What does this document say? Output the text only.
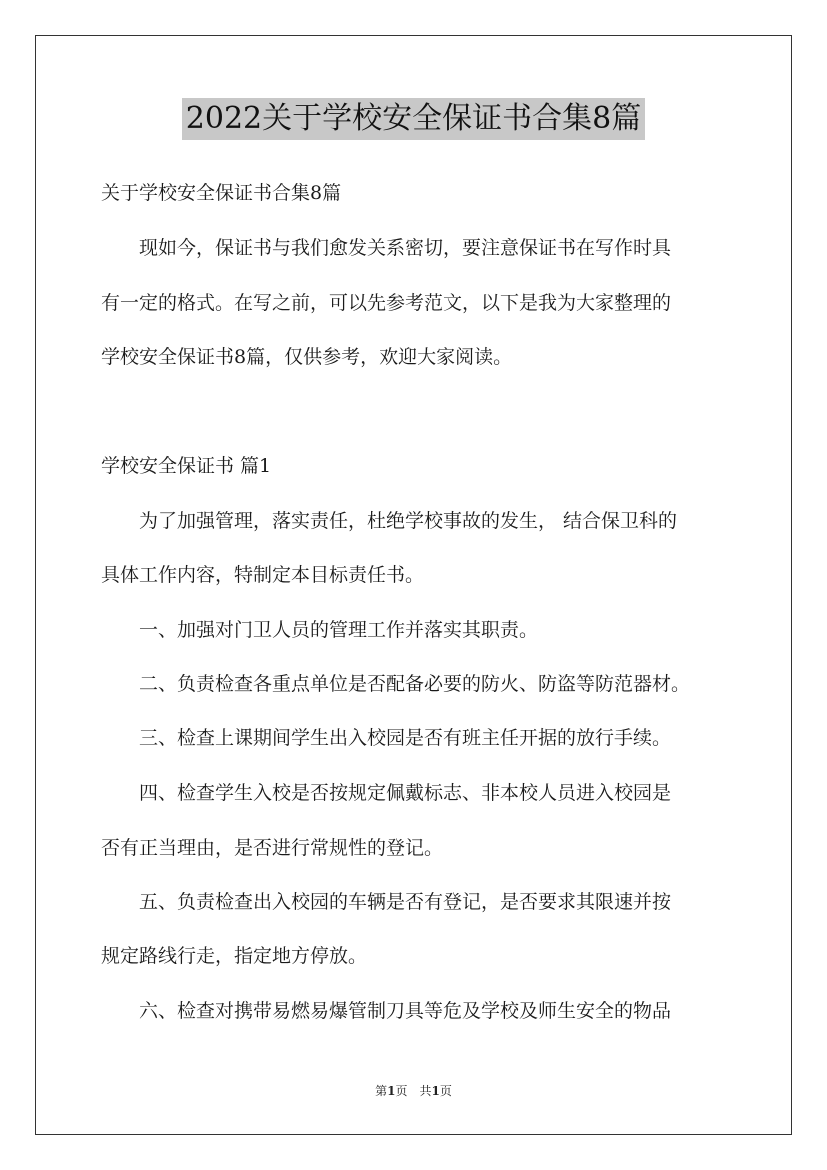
2022关于学校安全保证书合集8篇
关于学校安全保证书合集8篇
　　现如今，保证书与我们愈发关系密切，要注意保证书在写作时具
有一定的格式。在写之前，可以先参考范文，以下是我为大家整理的
学校安全保证书8篇，仅供参考，欢迎大家阅读。
学校安全保证书 篇1
　　为了加强管理，落实责任，杜绝学校事故的发生， 结合保卫科的
具体工作内容，特制定本目标责任书。
　　一、加强对门卫人员的管理工作并落实其职责。
　　二、负责检查各重点单位是否配备必要的防火、防盗等防范器材。
　　三、检查上课期间学生出入校园是否有班主任开据的放行手续。
　　四、检查学生入校是否按规定佩戴标志、非本校人员进入校园是
否有正当理由，是否进行常规性的登记。
　　五、负责检查出入校园的车辆是否有登记，是否要求其限速并按
规定路线行走，指定地方停放。
　　六、检查对携带易燃易爆管制刀具等危及学校及师生安全的物品
第1页　共1页
